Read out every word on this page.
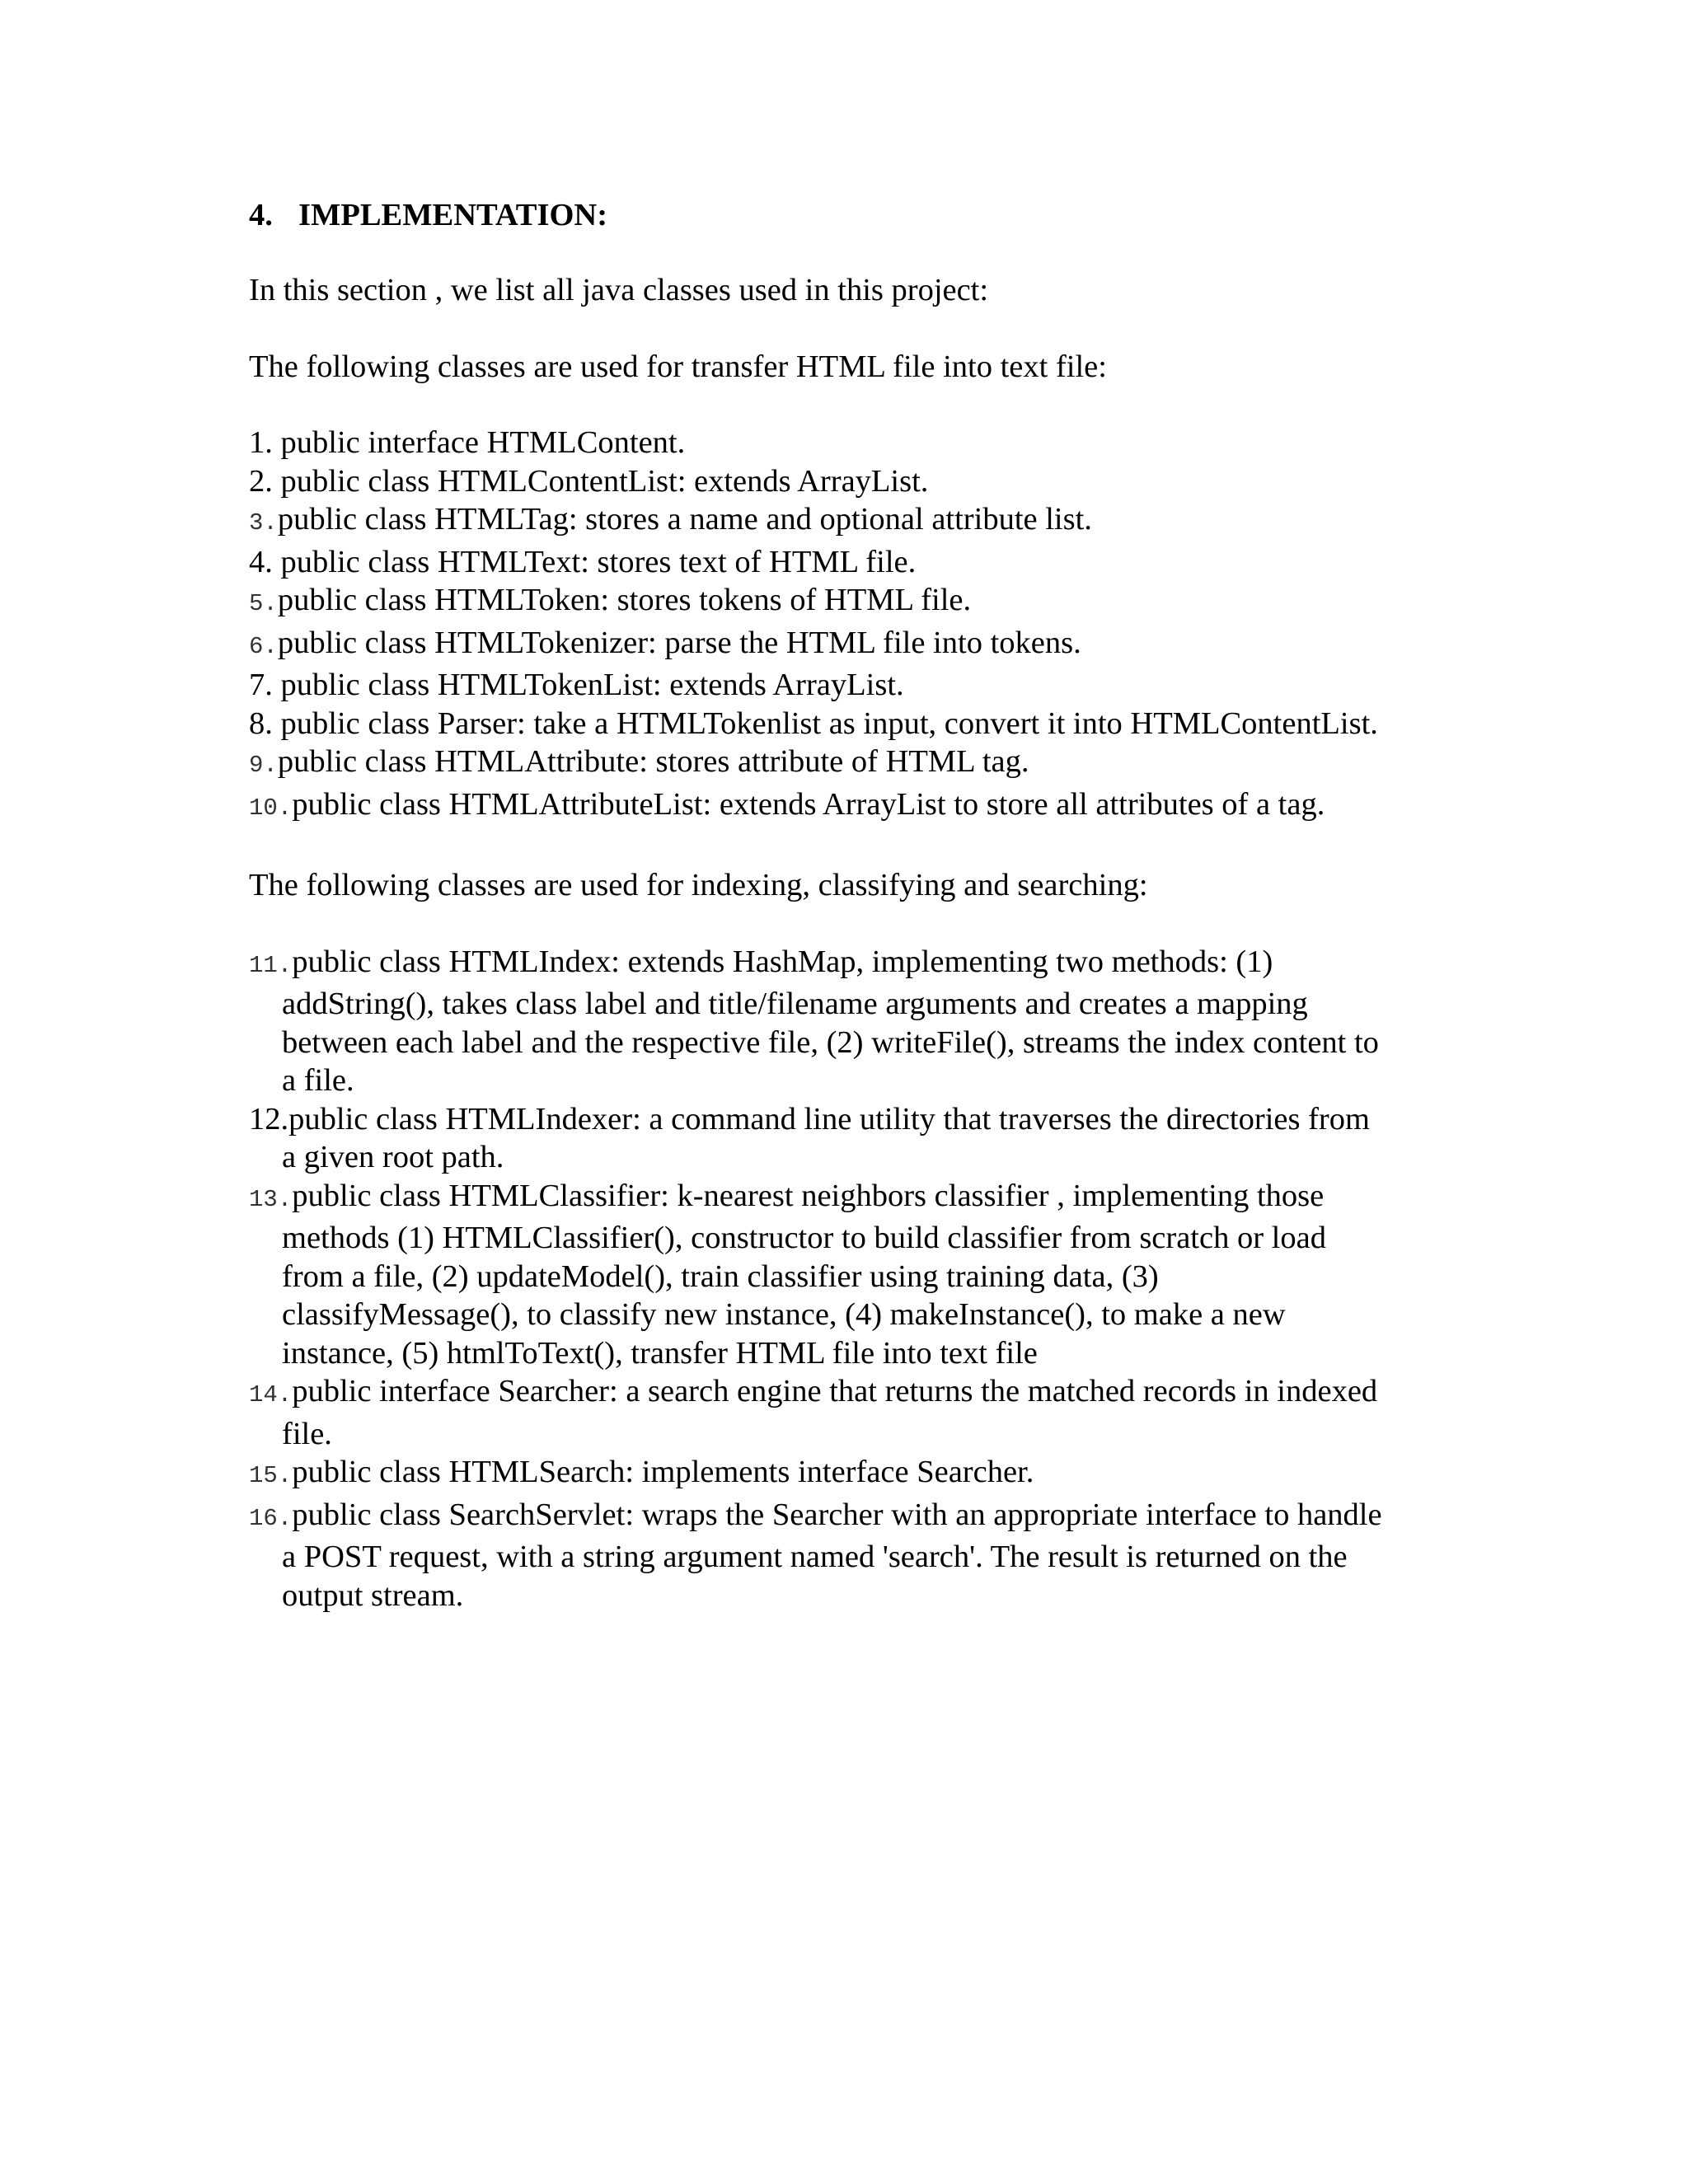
4. IMPLEMENTATION:

In this section , we list all java classes used in this project:

The following classes are used for transfer HTML file into text file:

1. public interface HTMLContent.
2. public class HTMLContentList: extends ArrayList.
3.public class HTMLTag: stores a name and optional attribute list.
4. public class HTMLText: stores text of HTML file.
5.public class HTMLToken: stores tokens of HTML file.
6.public class HTMLTokenizer: parse the HTML file into tokens.
7. public class HTMLTokenList: extends ArrayList.
8. public class Parser: take a HTMLTokenlist as input, convert it into HTMLContentList.
9.public class HTMLAttribute: stores attribute of HTML tag.
10.public class HTMLAttributeList: extends ArrayList to store all attributes of a tag.

The following classes are used for indexing, classifying and searching:

11.public class HTMLIndex: extends HashMap, implementing two methods: (1)
addString(), takes class label and title/filename arguments and creates a mapping
between each label and the respective file, (2) writeFile(), streams the index content to
a file.
12.public class HTMLIndexer: a command line utility that traverses the directories from
a given root path.
13.public class HTMLClassifier: k-nearest neighbors classifier , implementing those
methods (1) HTMLClassifier(), constructor to build classifier from scratch or load
from a file, (2) updateModel(), train classifier using training data, (3)
classifyMessage(), to classify new instance, (4) makeInstance(), to make a new
instance, (5) htmlToText(), transfer HTML file into text file
14.public interface Searcher: a search engine that returns the matched records in indexed
file.
15.public class HTMLSearch: implements interface Searcher.
16.public class SearchServlet: wraps the Searcher with an appropriate interface to handle
a POST request, with a string argument named 'search'. The result is returned on the
output stream.
